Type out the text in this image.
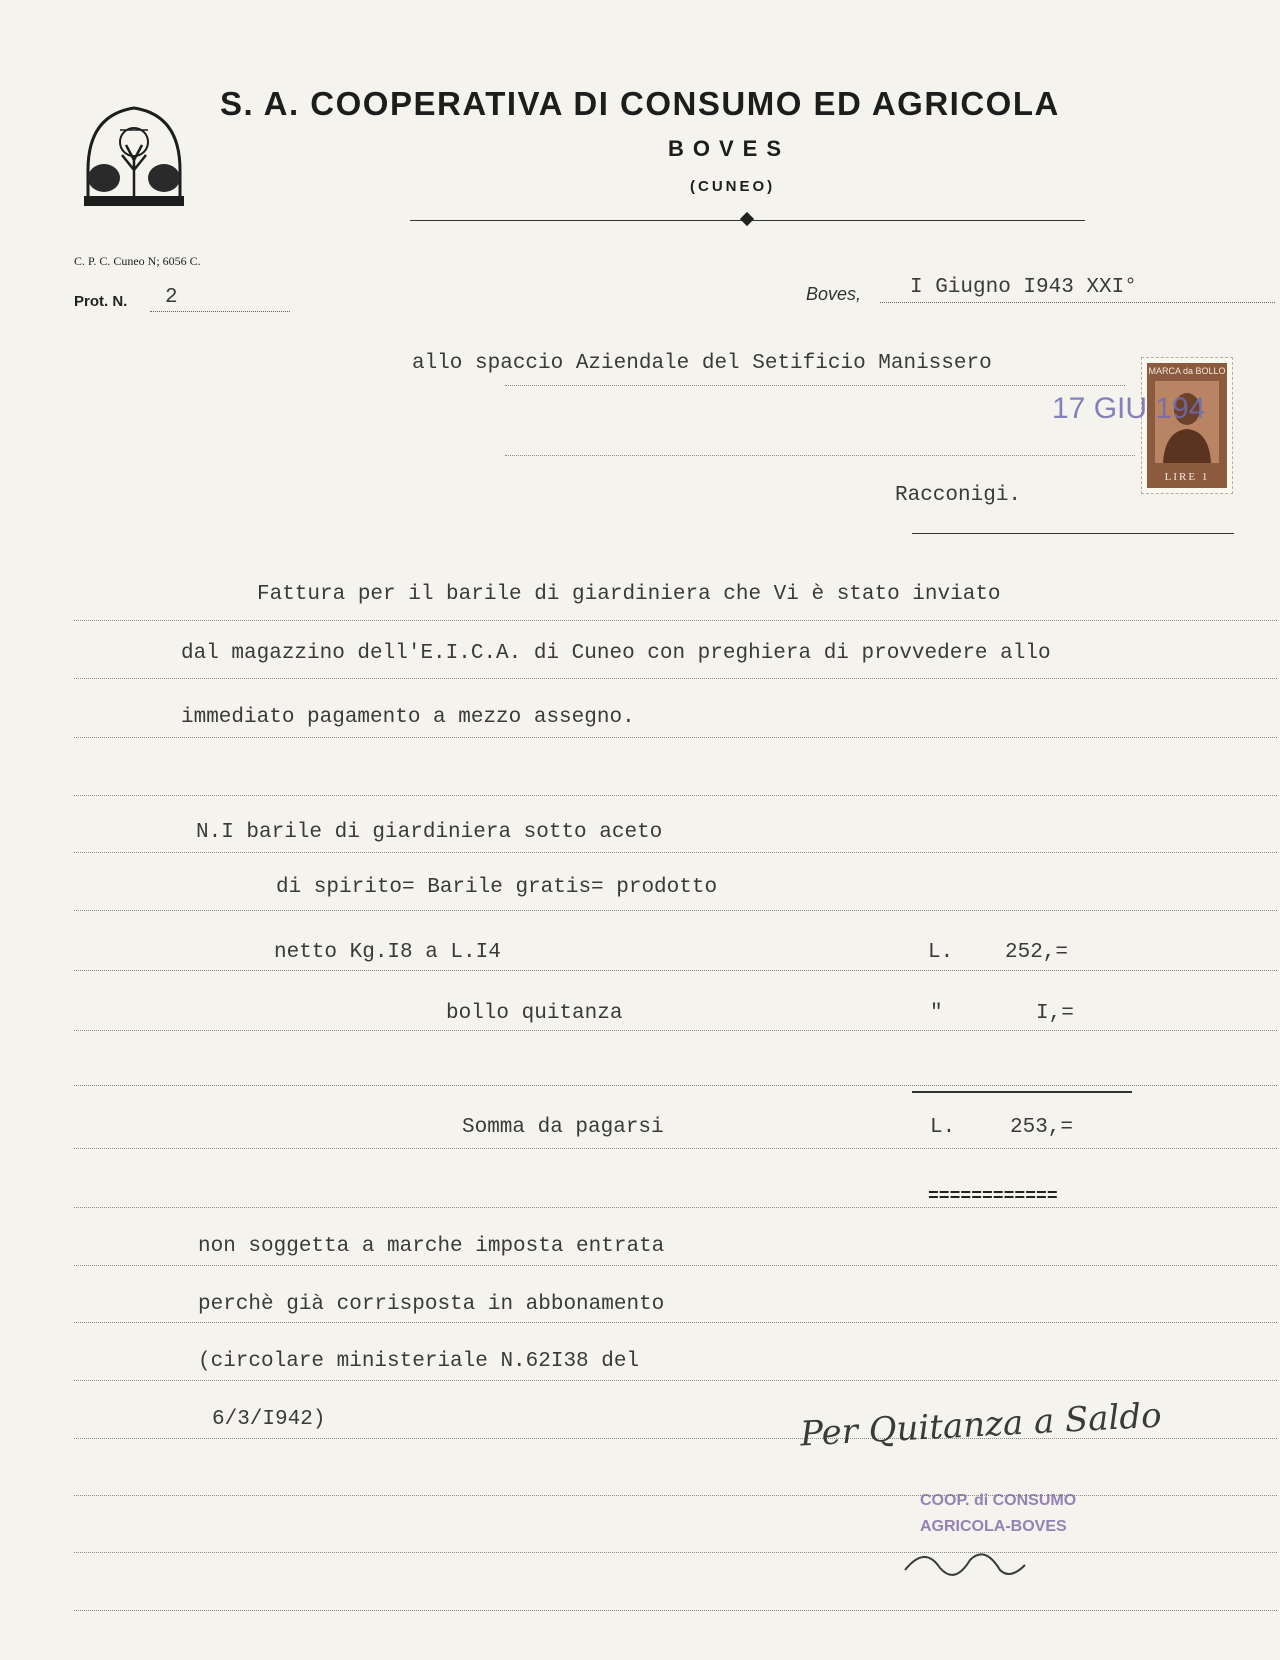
S. A. COOPERATIVA DI CONSUMO ED AGRICOLA
BOVES
(CUNEO)
C. P. C. Cuneo N; 6056 C.
Prot. N. 2	Boves, I Giugno I943 XXI°
allo spaccio Aziendale del Setificio Manissero
Racconigi.
MARCA da BOLLO
LIRE 1
17 GIU 194
Fattura per il barile di giardiniera che Vi è stato inviato
dal magazzino dell'E.I.C.A. di Cuneo con preghiera di provvedere allo
immediato pagamento a mezzo assegno.
N.I barile di giardiniera sotto aceto
di spirito= Barile gratis= prodotto
netto Kg.I8 a L.I4	L. 252,=
bollo quitanza	"	I,=
Somma da pagarsi	L.	253,=
============
non soggetta a marche imposta entrata
perchè già corrisposta in abbonamento
(circolare ministeriale N.62I38 del
6/3/I942)	Per Quitanza a Saldo
COOP. di CONSUMO
AGRICOLA-BOVES
